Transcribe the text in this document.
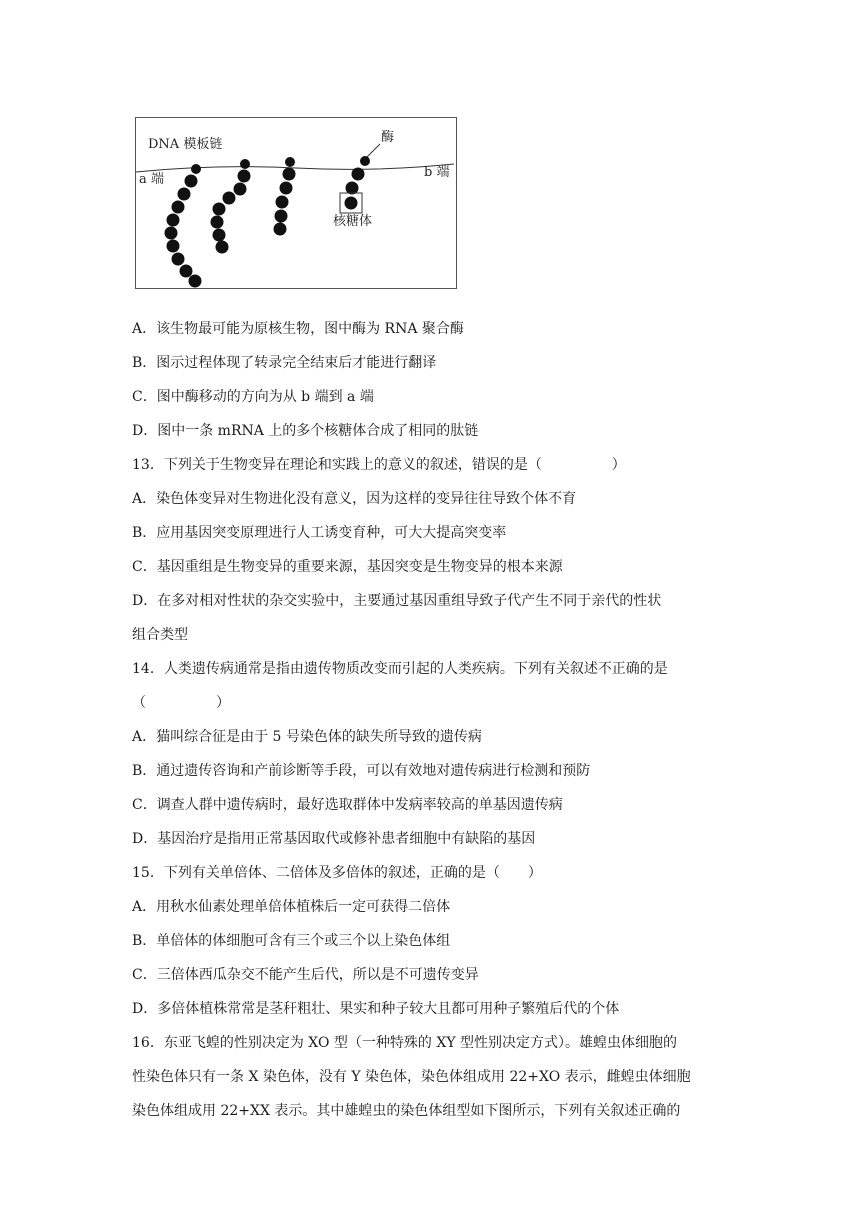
DNA 模板链
a 端	b 端
酶
核糖体
A．该生物最可能为原核生物，图中酶为 RNA 聚合酶
B．图示过程体现了转录完全结束后才能进行翻译
C．图中酶移动的方向为从 b 端到 a 端
D．图中一条 mRNA 上的多个核糖体合成了相同的肽链
13．下列关于生物变异在理论和实践上的意义的叙述，错误的是（　　　　　）
A．染色体变异对生物进化没有意义，因为这样的变异往往导致个体不育
B．应用基因突变原理进行人工诱变育种，可大大提高突变率
C．基因重组是生物变异的重要来源，基因突变是生物变异的根本来源
D．在多对相对性状的杂交实验中，主要通过基因重组导致子代产生不同于亲代的性状
组合类型
14．人类遗传病通常是指由遗传物质改变而引起的人类疾病。下列有关叙述不正确的是
（　　　　　）
A．猫叫综合征是由于 5 号染色体的缺失所导致的遗传病
B．通过遗传咨询和产前诊断等手段，可以有效地对遗传病进行检测和预防
C．调查人群中遗传病时，最好选取群体中发病率较高的单基因遗传病
D．基因治疗是指用正常基因取代或修补患者细胞中有缺陷的基因
15．下列有关单倍体、二倍体及多倍体的叙述，正确的是（　　）
A．用秋水仙素处理单倍体植株后一定可获得二倍体
B．单倍体的体细胞可含有三个或三个以上染色体组
C．三倍体西瓜杂交不能产生后代，所以是不可遗传变异
D．多倍体植株常常是茎秆粗壮、果实和种子较大且都可用种子繁殖后代的个体
16．东亚飞蝗的性别决定为 XO 型（一种特殊的 XY 型性别决定方式）。雄蝗虫体细胞的
性染色体只有一条 X 染色体，没有 Y 染色体，染色体组成用 22+XO 表示，雌蝗虫体细胞
染色体组成用 22+XX 表示。其中雄蝗虫的染色体组型如下图所示，下列有关叙述正确的
